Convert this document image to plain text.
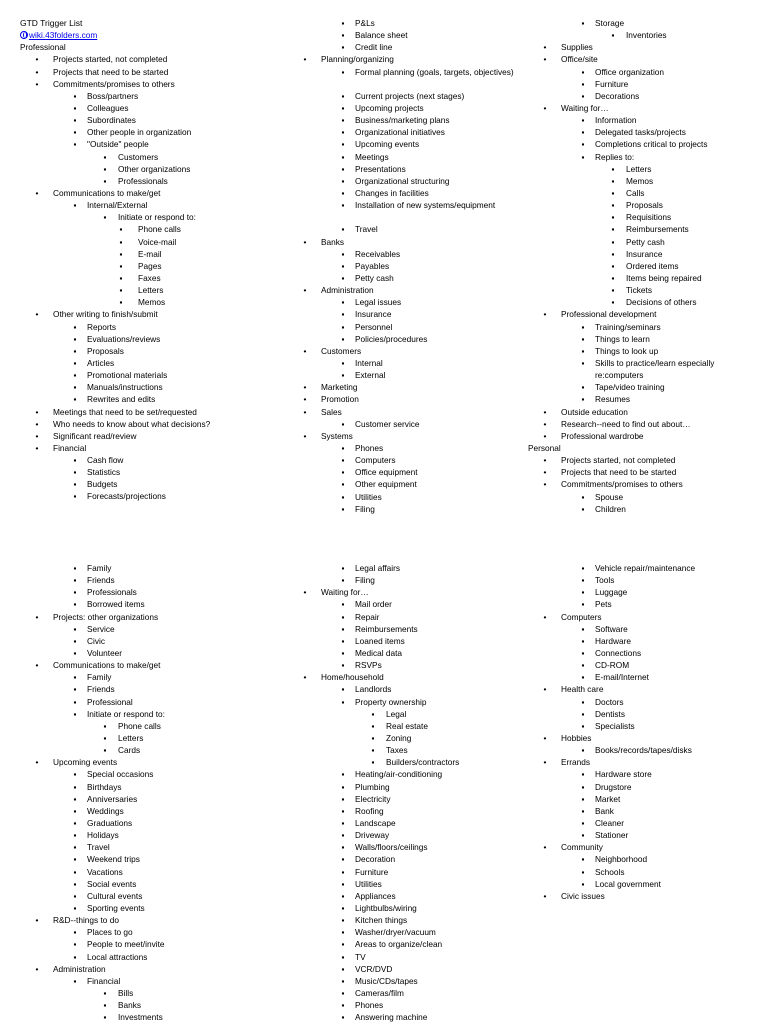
GTD Trigger List
wiki.43folders.com
Professional
•	Projects started, not completed
•	Projects that need to be started
•	Commitments/promises to others
▪	Boss/partners
▪	Colleagues
▪	Subordinates
▪	Other people in organization
▪	"Outside" people
▪	Customers
▪	Other organizations
▪	Professionals
•	Communications to make/get
▪	Internal/External
▪	Initiate or respond to:
▪	Phone calls
▪	Voice-mail
▪	E-mail
▪	Pages
▪	Faxes
▪	Letters
▪	Memos
•	Other writing to finish/submit
▪	Reports
▪	Evaluations/reviews
▪	Proposals
▪	Articles
▪	Promotional materials
▪	Manuals/instructions
▪	Rewrites and edits
•	Meetings that need to be set/requested
•	Who needs to know about what decisions?
•	Significant read/review
•	Financial
▪	Cash flow
▪	Statistics
▪	Budgets
▪	Forecasts/projections
▪	P&Ls
▪	Balance sheet
▪	Credit line
•	Planning/organizing
▪	Formal planning (goals, targets, objectives)
▪	Current projects (next stages)
▪	Upcoming projects
▪	Business/marketing plans
▪	Organizational initiatives
▪	Upcoming events
▪	Meetings
▪	Presentations
▪	Organizational structuring
▪	Changes in facilities
▪	Installation of new systems/equipment
▪	Travel
•	Banks
▪	Receivables
▪	Payables
▪	Petty cash
•	Administration
▪	Legal issues
▪	Insurance
▪	Personnel
▪	Policies/procedures
•	Customers
▪	Internal
▪	External
•	Marketing
•	Promotion
•	Sales
▪	Customer service
•	Systems
▪	Phones
▪	Computers
▪	Office equipment
▪	Other equipment
▪	Utilities
▪	Filing
▪	Storage
▪	Inventories
•	Supplies
•	Office/site
▪	Office organization
▪	Furniture
▪	Decorations
•	Waiting for…
▪	Information
▪	Delegated tasks/projects
▪	Completions critical to projects
▪	Replies to:
▪	Letters
▪	Memos
▪	Calls
▪	Proposals
▪	Requisitions
▪	Reimbursements
▪	Petty cash
▪	Insurance
▪	Ordered items
▪	Items being repaired
▪	Tickets
▪	Decisions of others
•	Professional development
▪	Training/seminars
▪	Things to learn
▪	Things to look up
▪	Skills to practice/learn especially re:computers
▪	Tape/video training
▪	Resumes
•	Outside education
•	Research--need to find out about…
•	Professional wardrobe
Personal
•	Projects started, not completed
•	Projects that need to be started
•	Commitments/promises to others
▪	Spouse
▪	Children
▪	Family
▪	Friends
▪	Professionals
▪	Borrowed items
•	Projects: other organizations
▪	Service
▪	Civic
▪	Volunteer
•	Communications to make/get
▪	Family
▪	Friends
▪	Professional
▪	Initiate or respond to:
▪	Phone calls
▪	Letters
▪	Cards
•	Upcoming events
▪	Special occasions
▪	Birthdays
▪	Anniversaries
▪	Weddings
▪	Graduations
▪	Holidays
▪	Travel
▪	Weekend trips
▪	Vacations
▪	Social events
▪	Cultural events
▪	Sporting events
•	R&D--things to do
▪	Places to go
▪	People to meet/invite
▪	Local attractions
•	Administration
▪	Financial
▪	Bills
▪	Banks
▪	Investments
▪	Legal affairs
▪	Filing
•	Waiting for…
▪	Mail order
▪	Repair
▪	Reimbursements
▪	Loaned items
▪	Medical data
▪	RSVPs
•	Home/household
▪	Landlords
▪	Property ownership
▪	Legal
▪	Real estate
▪	Zoning
▪	Taxes
▪	Builders/contractors
▪	Heating/air-conditioning
▪	Plumbing
▪	Electricity
▪	Roofing
▪	Landscape
▪	Driveway
▪	Walls/floors/ceilings
▪	Decoration
▪	Furniture
▪	Utilities
▪	Appliances
▪	Lightbulbs/wiring
▪	Kitchen things
▪	Washer/dryer/vacuum
▪	Areas to organize/clean
▪	TV
▪	VCR/DVD
▪	Music/CDs/tapes
▪	Cameras/film
▪	Phones
▪	Answering machine
▪	Vehicle repair/maintenance
▪	Tools
▪	Luggage
▪	Pets
•	Computers
▪	Software
▪	Hardware
▪	Connections
▪	CD-ROM
▪	E-mail/Internet
•	Health care
▪	Doctors
▪	Dentists
▪	Specialists
•	Hobbies
▪	Books/records/tapes/disks
•	Errands
▪	Hardware store
▪	Drugstore
▪	Market
▪	Bank
▪	Cleaner
▪	Stationer
•	Community
▪	Neighborhood
▪	Schools
▪	Local government
•	Civic issues
